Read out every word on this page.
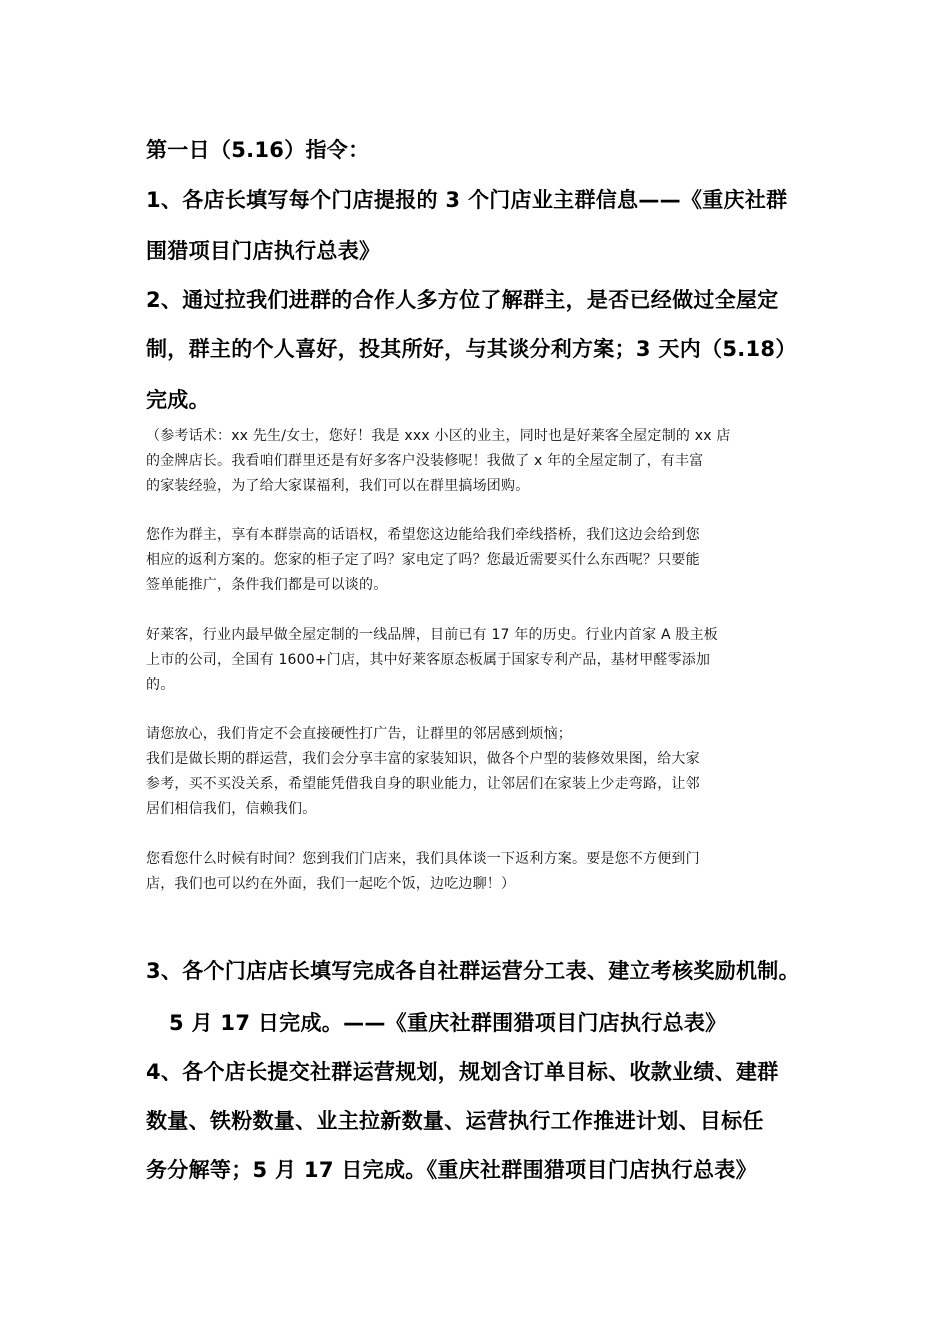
第一日（5.16）指令：
1、各店长填写每个门店提报的 3 个门店业主群信息——《重庆社群
围猎项目门店执行总表》
2、通过拉我们进群的合作人多方位了解群主，是否已经做过全屋定
制，群主的个人喜好，投其所好，与其谈分利方案；3 天内（5.18）
完成。
（参考话术：xx 先生/女士，您好！我是 xxx 小区的业主，同时也是好莱客全屋定制的 xx 店
的金牌店长。我看咱们群里还是有好多客户没装修呢！我做了 x 年的全屋定制了，有丰富
的家装经验，为了给大家谋福利，我们可以在群里搞场团购。
您作为群主，享有本群崇高的话语权，希望您这边能给我们牵线搭桥，我们这边会给到您
相应的返利方案的。您家的柜子定了吗？家电定了吗？您最近需要买什么东西呢？只要能
签单能推广，条件我们都是可以谈的。
好莱客，行业内最早做全屋定制的一线品牌，目前已有 17 年的历史。行业内首家 A 股主板
上市的公司，全国有 1600+门店，其中好莱客原态板属于国家专利产品，基材甲醛零添加
的。
请您放心，我们肯定不会直接硬性打广告，让群里的邻居感到烦恼；
我们是做长期的群运营，我们会分享丰富的家装知识，做各个户型的装修效果图，给大家
参考，买不买没关系，希望能凭借我自身的职业能力，让邻居们在家装上少走弯路，让邻
居们相信我们，信赖我们。
您看您什么时候有时间？您到我们门店来，我们具体谈一下返利方案。要是您不方便到门
店，我们也可以约在外面，我们一起吃个饭，边吃边聊！）
3、各个门店店长填写完成各自社群运营分工表、建立考核奖励机制。
5 月 17 日完成。——《重庆社群围猎项目门店执行总表》
4、各个店长提交社群运营规划，规划含订单目标、收款业绩、建群
数量、铁粉数量、业主拉新数量、运营执行工作推进计划、目标任
务分解等；5 月 17 日完成。《重庆社群围猎项目门店执行总表》
